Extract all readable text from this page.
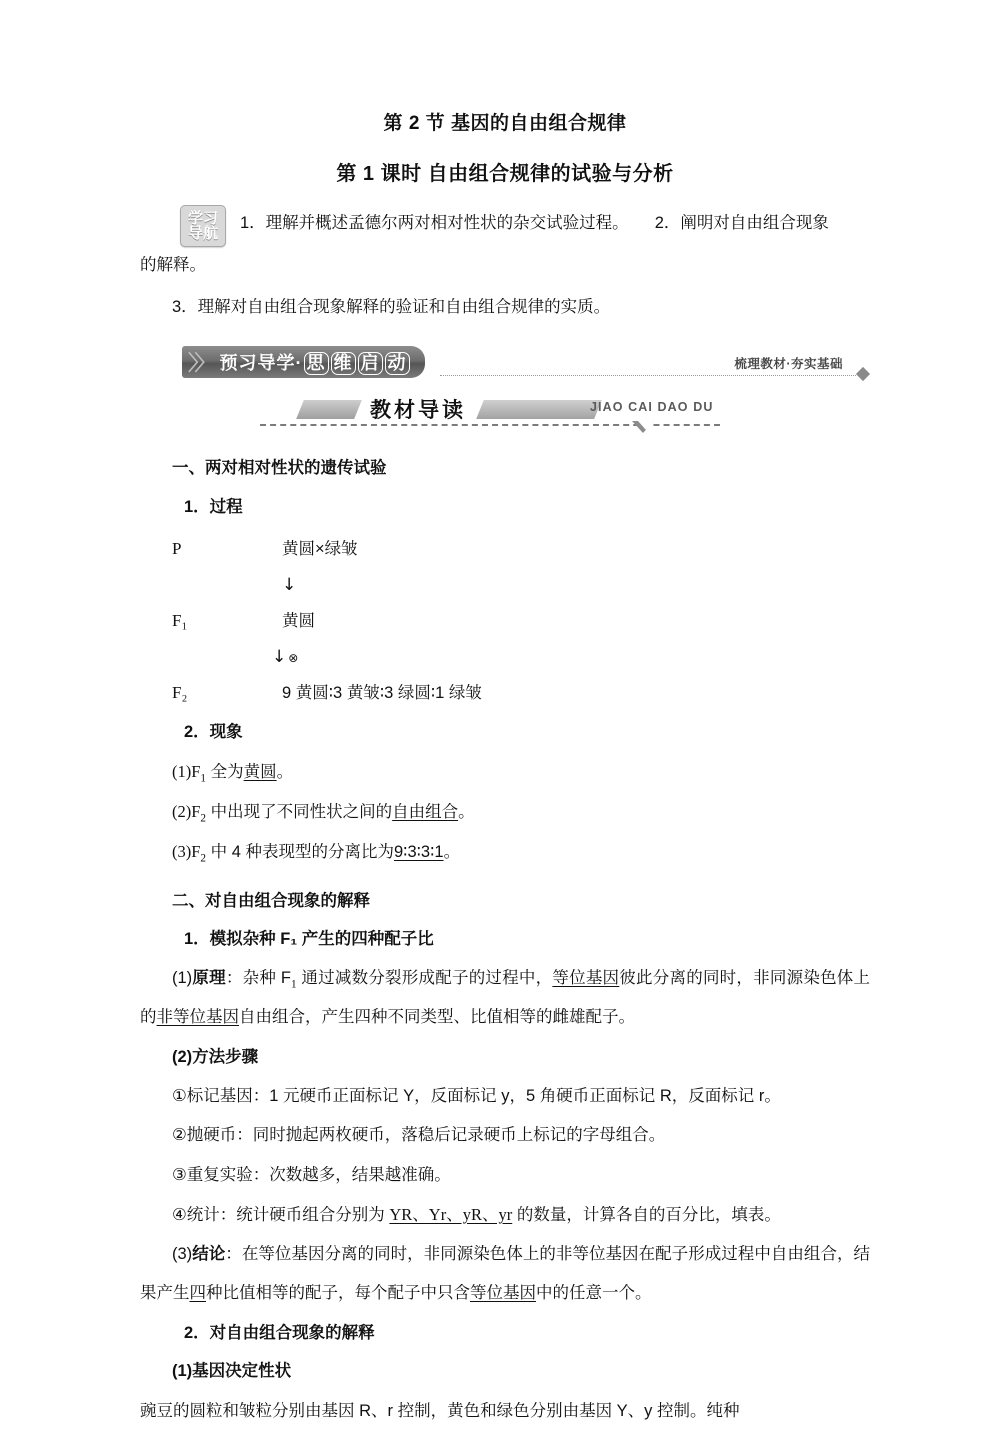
第 2 节 基因的自由组合规律
第 1 课时 自由组合规律的试验与分析
学习
导航
1．理解并概述孟德尔两对相对性状的杂交试验过程。 2．阐明对自由组合现象
的解释。
3．理解对自由组合现象解释的验证和自由组合规律的实质。
〉〉 预习导学· 思 维 启 动	梳理教材·夯实基础
教材导读	JIAO CAI DAO DU
一、两对相对性状的遗传试验
1．过程
P	黄圆×绿皱
↓
F₁	黄圆
↓⊗
F₂	9 黄圆∶3 黄皱∶3 绿圆∶1 绿皱
2．现象
$(1)F_1$ 全为黄圆。
$(2)F_2$ 中出现了不同性状之间的自由组合。
$(3)F_2$ 中 4 种表现型的分离比为9∶3∶3∶1。
二、对自由组合现象的解释
1．模拟杂种 F₁ 产生的四种配子比
(1)原理：杂种 $F_1$ 通过减数分裂形成配子的过程中，等位基因彼此分离的同时，非同源染色体上的非等位基因自由组合，产生四种不同类型、比值相等的雌雄配子。
(2)方法步骤
①标记基因：1 元硬币正面标记 Y，反面标记 y，5 角硬币正面标记 R，反面标记 r。
②抛硬币：同时抛起两枚硬币，落稳后记录硬币上标记的字母组合。
③重复实验：次数越多，结果越准确。
④统计：统计硬币组合分别为 YR、Yr、yR、yr 的数量，计算各自的百分比，填表。
(3)结论：在等位基因分离的同时，非同源染色体上的非等位基因在配子形成过程中自由组合，结果产生四种比值相等的配子，每个配子中只含等位基因中的任意一个。
2．对自由组合现象的解释
(1)基因决定性状
豌豆的圆粒和皱粒分别由基因 R、r 控制，黄色和绿色分别由基因 Y、y 控制。纯种
